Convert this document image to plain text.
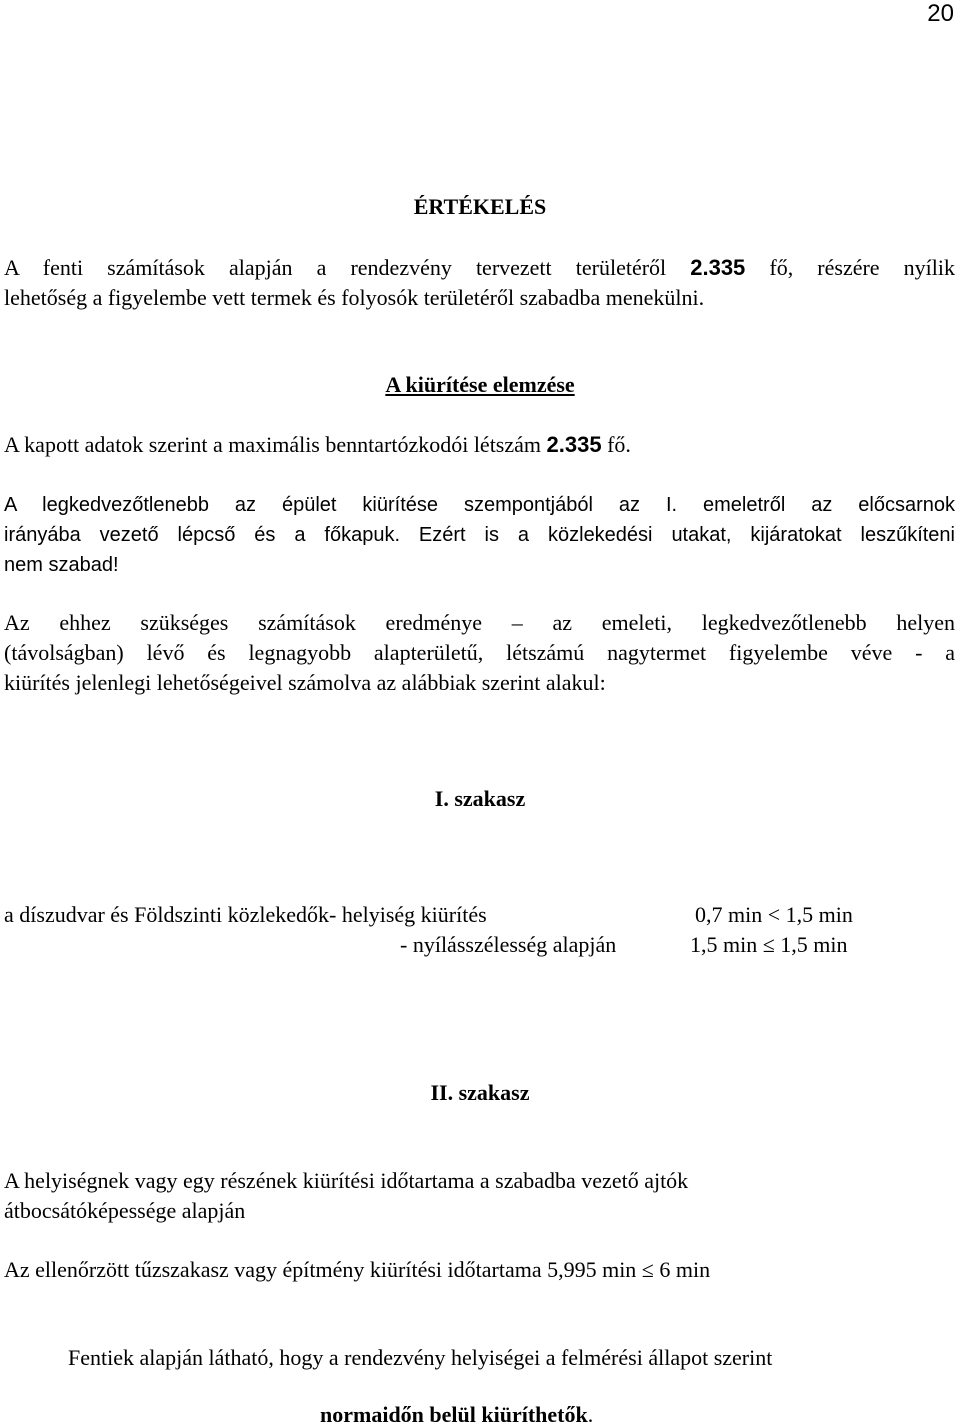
20
ÉRTÉKELÉS
A fenti számítások alapján a rendezvény tervezett területéről 2.335 fő, részére nyílik
lehetőség a figyelembe vett termek és folyosók területéről szabadba menekülni.
A kiürítése elemzése
A kapott adatok szerint a maximális benntartózkodói létszám 2.335 fő.
A legkedvezőtlenebb az épület kiürítése szempontjából az I. emeletről az előcsarnok
irányába vezető lépcső és a főkapuk. Ezért is a közlekedési utakat, kijáratokat leszűkíteni
nem szabad!
Az ehhez szükséges számítások eredménye – az emeleti, legkedvezőtlenebb helyen
(távolságban) lévő és legnagyobb alapterületű, létszámú nagytermet figyelembe véve - a
kiürítés jelenlegi lehetőségeivel számolva az alábbiak szerint alakul:
I. szakasz
a díszudvar és Földszinti közlekedők- helyiség kiürítés	0,7 min < 1,5 min
- nyílásszélesség alapján	1,5 min ≤ 1,5 min
II. szakasz
A helyiségnek vagy egy részének kiürítési időtartama a szabadba vezető ajtók
átbocsátóképessége alapján
Az ellenőrzött tűzszakasz vagy építmény kiürítési időtartama 5,995 min ≤ 6 min
Fentiek alapján látható, hogy a rendezvény helyiségei a felmérési állapot szerint
normaidőn belül kiüríthetők.
